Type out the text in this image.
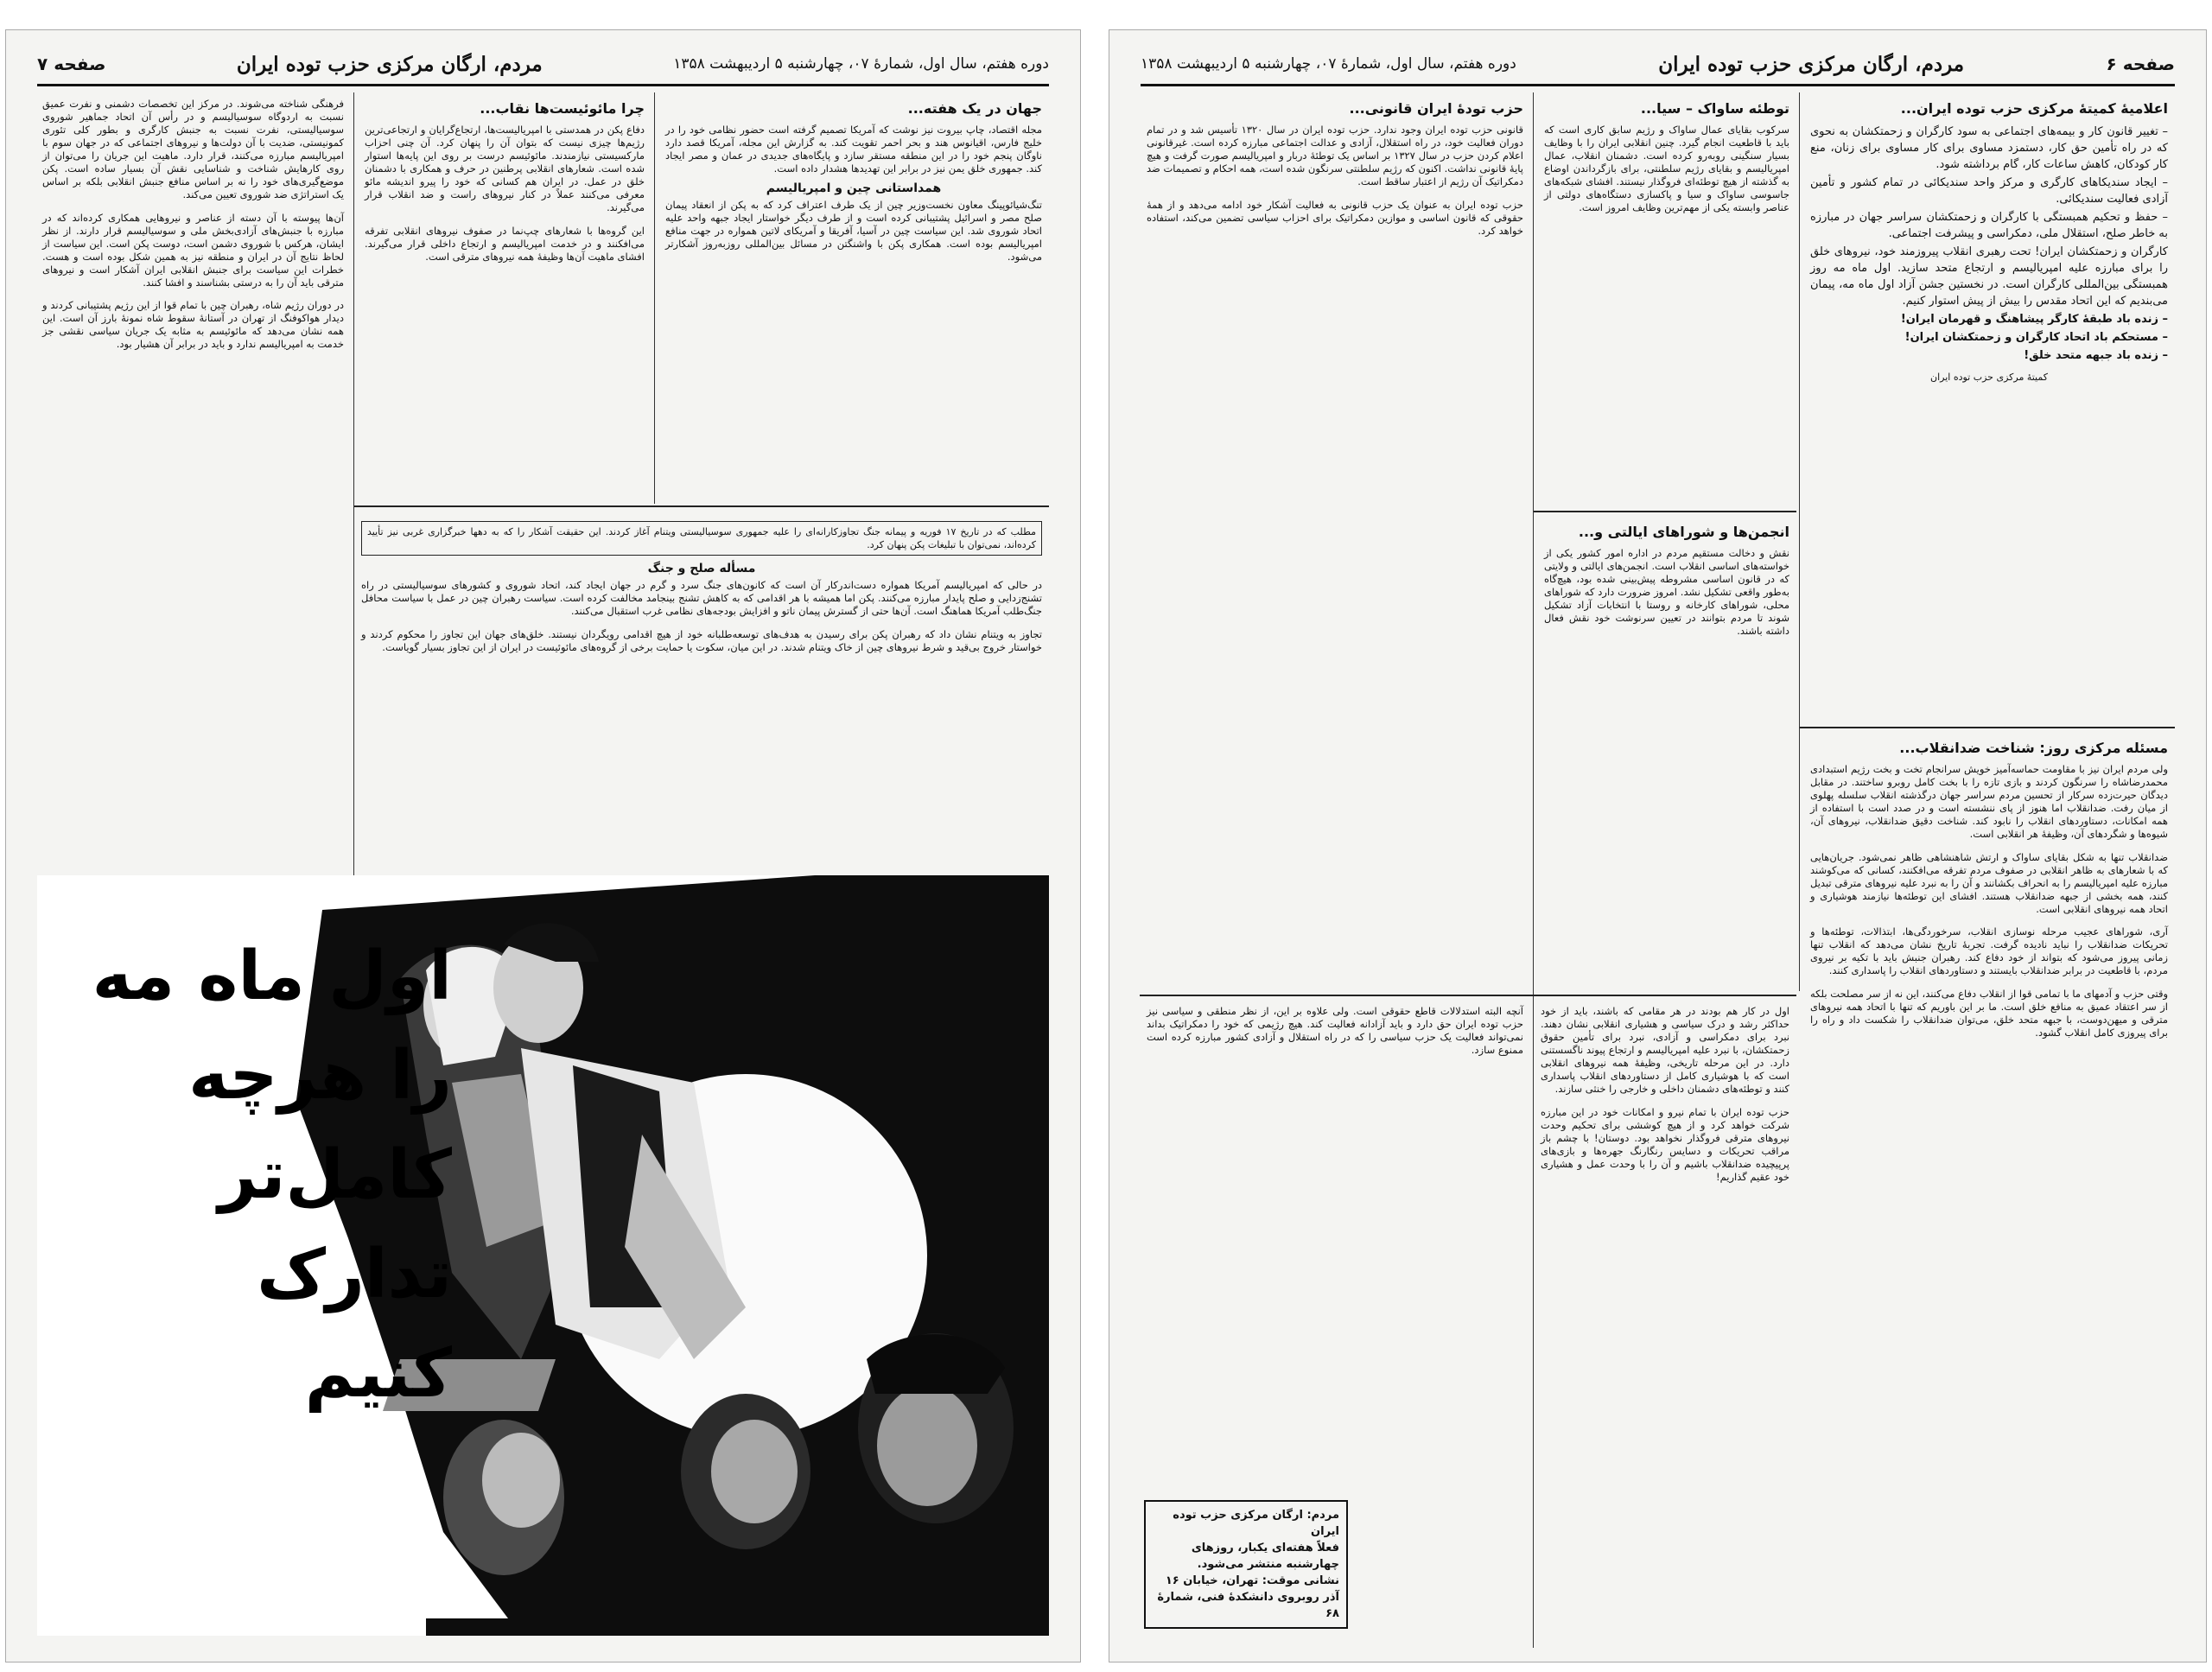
دوره هفتم، سال اول، شمارهٔ ۰۷، چهارشنبه ۵ اردیبهشت ۱۳۵۸
مردم، ارگان مرکزی حزب توده ایران
صفحه ۷
جهان در یک هفته...
مجله اقتصاد، چاپ بیروت نیز نوشت که آمریکا تصمیم گرفته است حضور نظامی خود را در خلیج فارس، اقیانوس هند و بحر احمر تقویت کند. به گزارش این مجله، آمریکا قصد دارد ناوگان پنجم خود را در این منطقه مستقر سازد و پایگاه‌های جدیدی در عمان و مصر ایجاد کند. جمهوری خلق یمن نیز در برابر این تهدیدها هشدار داده است.
همداستانی چین و امپریالیسم
تنگ‌شیائوپینگ معاون نخست‌وزیر چین از یک طرف اعتراف کرد که به پکن از انعقاد پیمان صلح مصر و اسرائیل پشتیبانی کرده است و از طرف دیگر خواستار ایجاد جبهه واحد علیه اتحاد شوروی شد. این سیاست چین در آسیا، آفریقا و آمریکای لاتین همواره در جهت منافع امپریالیسم بوده است. همکاری پکن با واشنگتن در مسائل بین‌المللی روزبه‌روز آشکارتر می‌شود.
چرا مائوئیست‌ها نقاب...
دفاع پکن در همدستی با امپریالیست‌ها، ارتجاع‌گرایان و ارتجاعی‌ترین رژیم‌ها چیزی نیست که بتوان آن را پنهان کرد. آن چنی احزاب مارکسیستی نیازمندند. مائوئیسم درست بر روی این پایه‌ها استوار شده است. شعارهای انقلابی پرطنین در حرف و همکاری با دشمنان خلق در عمل. در ایران هم کسانی که خود را پیرو اندیشه مائو معرفی می‌کنند عملاً در کنار نیروهای راست و ضد انقلاب قرار می‌گیرند.

این گروه‌ها با شعارهای چپ‌نما در صفوف نیروهای انقلابی تفرقه می‌افکنند و در خدمت امپریالیسم و ارتجاع داخلی قرار می‌گیرند. افشای ماهیت آن‌ها وظیفهٔ همه نیروهای مترقی است.

فرهنگی شناخته می‌شوند. در مرکز این تخصصات دشمنی و نفرت عمیق نسبت به اردوگاه سوسیالیسم و در رأس آن اتحاد جماهیر شوروی سوسیالیستی، نفرت نسبت به جنبش کارگری و بطور کلی تئوری کمونیستی، ضدیت با آن دولت‌ها و نیروهای اجتماعی که در جهان سوم با امپریالیسم مبارزه می‌کنند، قرار دارد. ماهیت این جریان را می‌توان از روی کارهایش شناخت و شناسایی نقش آن بسیار ساده است. پکن موضع‌گیری‌های خود را نه بر اساس منافع جنبش انقلابی بلکه بر اساس یک استراتژی ضد شوروی تعیین می‌کند.

آن‌ها پیوسته با آن دسته از عناصر و نیروهایی همکاری کرده‌اند که در مبارزه با جنبش‌های آزادی‌بخش ملی و سوسیالیسم قرار دارند. از نظر ایشان، هرکس با شوروی دشمن است، دوست پکن است. این سیاست از لحاظ نتایج آن در ایران و منطقه نیز به همین شکل بوده است و هست. خطرات این سیاست برای جنبش انقلابی ایران آشکار است و نیروهای مترقی باید آن را به درستی بشناسند و افشا کنند.

در دوران رژیم شاه، رهبران چین با تمام قوا از این رژیم پشتیبانی کردند و دیدار هواکوفنگ از تهران در آستانهٔ سقوط شاه نمونهٔ بارز آن است. این همه نشان می‌دهد که مائوئیسم به مثابه یک جریان سیاسی نقشی جز خدمت به امپریالیسم ندارد و باید در برابر آن هشیار بود.

مطلب که در تاریخ ۱۷ فوریه و پیمانه جنگ تجاوزکارانه‌ای را علیه جمهوری سوسیالیستی ویتنام آغاز کردند. این حقیقت آشکار را که به دهها خبرگزاری غربی نیز تأیید کرده‌اند، نمی‌توان با تبلیغات پکن پنهان کرد.
مسأله صلح و جنگ
در حالی که امپریالیسم آمریکا همواره دست‌اندرکار آن است که کانون‌های جنگ سرد و گرم در جهان ایجاد کند، اتحاد شوروی و کشورهای سوسیالیستی در راه تشنج‌زدایی و صلح پایدار مبارزه می‌کنند. پکن اما همیشه با هر اقدامی که به کاهش تشنج بینجامد مخالفت کرده است. سیاست رهبران چین در عمل با سیاست محافل جنگ‌طلب آمریکا هماهنگ است. آن‌ها حتی از گسترش پیمان ناتو و افزایش بودجه‌های نظامی غرب استقبال می‌کنند.

تجاوز به ویتنام نشان داد که رهبران پکن برای رسیدن به هدف‌های توسعه‌طلبانه خود از هیچ اقدامی رویگردان نیستند. خلق‌های جهان این تجاوز را محکوم کردند و خواستار خروج بی‌قید و شرط نیروهای چین از خاک ویتنام شدند. در این میان، سکوت یا حمایت برخی از گروه‌های مائوئیست در ایران از این تجاوز بسیار گویاست.

اول ماه مه
را هرچه کامل‌تر
تدارک کنیم
صفحه ۶
مردم، ارگان مرکزی حزب توده ایران
دوره هفتم، سال اول، شمارهٔ ۰۷، چهارشنبه ۵ اردیبهشت ۱۳۵۸
اعلامیهٔ کمیتهٔ مرکزی حزب توده ایران...
– تغییر قانون کار و بیمه‌های اجتماعی به سود کارگران و زحمتکشان به نحوی که در راه تأمین حق کار، دستمزد مساوی برای کار مساوی برای زنان، منع کار کودکان، کاهش ساعات کار، گام برداشته شود.
– ایجاد سندیکاهای کارگری و مرکز واحد سندیکائی در تمام کشور و تأمین آزادی فعالیت سندیکائی.
– حفظ و تحکیم همبستگی با کارگران و زحمتکشان سراسر جهان در مبارزه به خاطر صلح، استقلال ملی، دمکراسی و پیشرفت اجتماعی.
کارگران و زحمتکشان ایران! تحت رهبری انقلاب پیروزمند خود، نیروهای خلق را برای مبارزه علیه امپریالیسم و ارتجاع متحد سازید. اول ماه مه روز همبستگی بین‌المللی کارگران است. در نخستین جشن آزاد اول ماه مه، پیمان می‌بندیم که این اتحاد مقدس را بیش از پیش استوار کنیم.
– زنده باد طبقهٔ کارگر پیشاهنگ و قهرمان ایران!
– مستحکم باد اتحاد کارگران و زحمتکشان ایران!
– زنده باد جبهه متحد خلق!
کمیتهٔ مرکزی حزب توده ایران
توطئه ساواک – سیا...
سرکوب بقایای عمال ساواک و رژیم سابق کاری است که باید با قاطعیت انجام گیرد. چنین انقلابی ایران را با وظایف بسیار سنگینی روبه‌رو کرده است. دشمنان انقلاب، عمال امپریالیسم و بقایای رژیم سلطنتی، برای بازگرداندن اوضاع به گذشته از هیچ توطئه‌ای فروگذار نیستند. افشای شبکه‌های جاسوسی ساواک و سیا و پاکسازی دستگاه‌های دولتی از عناصر وابسته یکی از مهم‌ترین وظایف امروز است.
حزب تودهٔ ایران قانونی...
قانونی حزب توده ایران وجود ندارد. حزب توده ایران در سال ۱۳۲۰ تأسیس شد و در تمام دوران فعالیت خود، در راه استقلال، آزادی و عدالت اجتماعی مبارزه کرده است. غیرقانونی اعلام کردن حزب در سال ۱۳۲۷ بر اساس یک توطئهٔ دربار و امپریالیسم صورت گرفت و هیچ پایهٔ قانونی نداشت. اکنون که رژیم سلطنتی سرنگون شده است، همه احکام و تصمیمات ضد دمکراتیک آن رژیم از اعتبار ساقط است.

حزب توده ایران به عنوان یک حزب قانونی به فعالیت آشکار خود ادامه می‌دهد و از همهٔ حقوقی که قانون اساسی و موازین دمکراتیک برای احزاب سیاسی تضمین می‌کند، استفاده خواهد کرد.

انجمن‌ها و شوراهای ایالتی و...
نقش و دخالت مستقیم مردم در اداره امور کشور یکی از خواسته‌های اساسی انقلاب است. انجمن‌های ایالتی و ولایتی که در قانون اساسی مشروطه پیش‌بینی شده بود، هیچ‌گاه به‌طور واقعی تشکیل نشد. امروز ضرورت دارد که شوراهای محلی، شوراهای کارخانه و روستا با انتخابات آزاد تشکیل شوند تا مردم بتوانند در تعیین سرنوشت خود نقش فعال داشته باشند.
مسئله مرکزی روز: شناخت ضدانقلاب...
ولی مردم ایران نیز با مقاومت حماسه‌آمیز خویش سرانجام تخت و بخت رژیم استبدادی محمدرضاشاه را سرنگون کردند و بازی تازه را با بخت کامل روبرو ساختند. در مقابل دیدگان حیرت‌زده سرکار از تحسین مردم سراسر جهان درگذشته انقلاب سلسله پهلوی از میان رفت. ضدانقلاب اما هنوز از پای ننشسته است و در صدد است با استفاده از همه امکانات، دستاوردهای انقلاب را نابود کند. شناخت دقیق ضدانقلاب، نیروهای آن، شیوه‌ها و شگردهای آن، وظیفهٔ هر انقلابی است.

ضدانقلاب تنها به شکل بقایای ساواک و ارتش شاهنشاهی ظاهر نمی‌شود. جریان‌هایی که با شعارهای به ظاهر انقلابی در صفوف مردم تفرقه می‌افکنند، کسانی که می‌کوشند مبارزه علیه امپریالیسم را به انحراف بکشانند و آن را به نبرد علیه نیروهای مترقی تبدیل کنند، همه بخشی از جبهه ضدانقلاب هستند. افشای این توطئه‌ها نیازمند هوشیاری و اتحاد همه نیروهای انقلابی است.

آری، شوراهای عجیب مرحله نوسازی انقلاب، سرخوردگی‌ها، ابتذالات، توطئه‌ها و تحریکات ضدانقلاب را نباید نادیده گرفت. تجربهٔ تاریخ نشان می‌دهد که انقلاب تنها زمانی پیروز می‌شود که بتواند از خود دفاع کند. رهبران جنبش باید با تکیه بر نیروی مردم، با قاطعیت در برابر ضدانقلاب بایستند و دستاوردهای انقلاب را پاسداری کنند.

وقتی حزب و آدمهای ما با تمامی قوا از انقلاب دفاع می‌کنند، این نه از سر مصلحت بلکه از سر اعتقاد عمیق به منافع خلق است. ما بر این باوریم که تنها با اتحاد همه نیروهای مترقی و میهن‌دوست، با جبهه متحد خلق، می‌توان ضدانقلاب را شکست داد و راه را برای پیروزی کامل انقلاب گشود.

اول در کار هم بودند در هر مقامی که باشند، باید از خود حداکثر رشد و درک سیاسی و هشیاری انقلابی نشان دهند. نبرد برای دمکراسی و آزادی، نبرد برای تأمین حقوق زحمتکشان، با نبرد علیه امپریالیسم و ارتجاع پیوند ناگسستنی دارد. در این مرحله تاریخی، وظیفهٔ همه نیروهای انقلابی است که با هوشیاری کامل از دستاوردهای انقلاب پاسداری کنند و توطئه‌های دشمنان داخلی و خارجی را خنثی سازند.

حزب توده ایران با تمام نیرو و امکانات خود در این مبارزه شرکت خواهد کرد و از هیچ کوششی برای تحکیم وحدت نیروهای مترقی فروگذار نخواهد بود. دوستان! با چشم باز مراقب تحریکات و دسایس رنگارنگ جهره‌ها و بازی‌های پرپیچیده ضدانقلاب باشیم و آن را با وحدت عمل و هشیاری خود عقیم گذاریم!

آنچه البته استدلالات قاطع حقوقی است. ولی علاوه بر این، از نظر منطقی و سیاسی نیز حزب توده ایران حق دارد و باید آزادانه فعالیت کند. هیچ رژیمی که خود را دمکراتیک بداند نمی‌تواند فعالیت یک حزب سیاسی را که در راه استقلال و آزادی کشور مبارزه کرده است ممنوع سازد.
مردم: ارگان مرکزی حزب توده ایران
فعلاً هفته‌ای یکبار، روزهای چهارشنبه منتشر می‌شود.
نشانی موقت: تهران، خیابان ۱۶ آذر روبروی دانشکدهٔ فنی، شمارهٔ ۶۸
